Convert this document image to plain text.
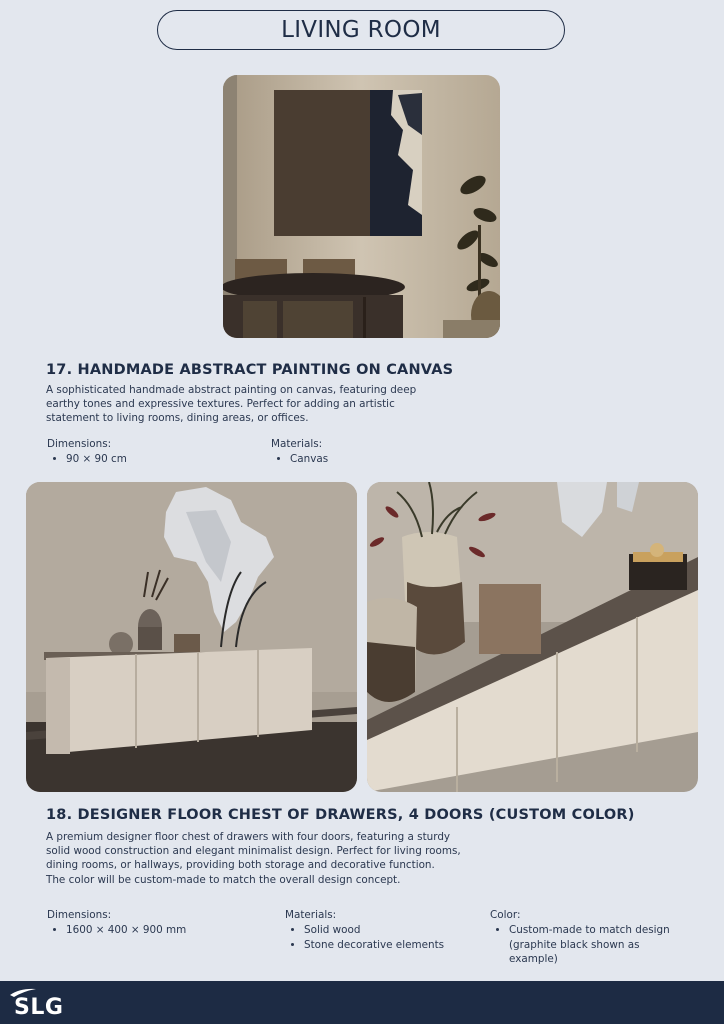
LIVING ROOM
17. HANDMADE ABSTRACT PAINTING ON CANVAS

A sophisticated handmade abstract painting on canvas, featuring deep earthy tones and expressive textures. Perfect for adding an artistic statement to living rooms, dining areas, or offices.

Dimensions:
• 90 × 90 cm
Materials:
• Canvas
18. DESIGNER FLOOR CHEST OF DRAWERS, 4 DOORS (CUSTOM COLOR)

A premium designer floor chest of drawers with four doors, featuring a sturdy solid wood construction and elegant minimalist design. Perfect for living rooms, dining rooms, or hallways, providing both storage and decorative function.

The color will be custom-made to match the overall design concept.

Dimensions:
• 1600 × 400 × 900 mm
Materials:
• Solid wood
• Stone decorative elements
Color:
• Custom-made to match design (graphite black shown as example)
SLG
